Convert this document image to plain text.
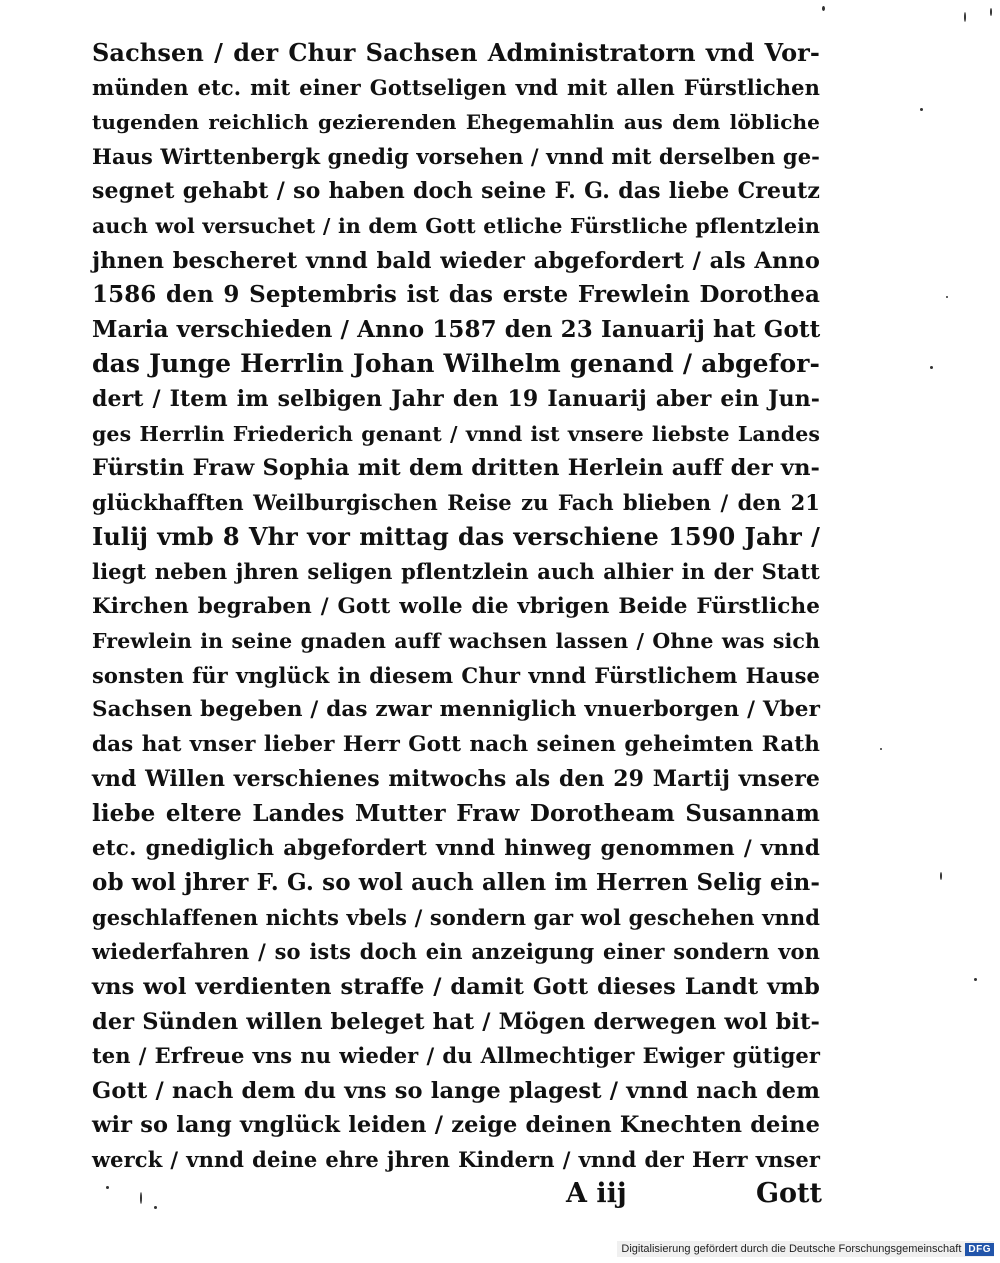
Sachsen / der Chur Sachsen Administratorn vnd Vor-
münden etc. mit einer Gottseligen vnd mit allen Fürstlichen
tugenden reichlich gezierenden Ehegemahlin aus dem löbliche
Haus Wirttenbergk gnedig vorsehen / vnnd mit derselben ge-
segnet gehabt / so haben doch seine F. G. das liebe Creutz
auch wol versuchet / in dem Gott etliche Fürstliche pflentzlein
jhnen bescheret vnnd bald wieder abgefordert / als Anno
1586 den 9 Septembris ist das erste Frewlein Dorothea
Maria verschieden / Anno 1587 den 23 Ianuarij hat Gott
das Junge Herrlin Johan Wilhelm genand / abgefor-
dert / Item im selbigen Jahr den 19 Ianuarij aber ein Jun-
ges Herrlin Friederich genant / vnnd ist vnsere liebste Landes
Fürstin Fraw Sophia mit dem dritten Herlein auff der vn-
glückhafften Weilburgischen Reise zu Fach blieben / den 21
Iulij vmb 8 Vhr vor mittag das verschiene 1590 Jahr /
liegt neben jhren seligen pflentzlein auch alhier in der Statt
Kirchen begraben / Gott wolle die vbrigen Beide Fürstliche
Frewlein in seine gnaden auff wachsen lassen / Ohne was sich
sonsten für vnglück in diesem Chur vnnd Fürstlichem Hause
Sachsen begeben / das zwar menniglich vnuerborgen / Vber
das hat vnser lieber Herr Gott nach seinen geheimten Rath
vnd Willen verschienes mitwochs als den 29 Martij vnsere
liebe eltere Landes Mutter Fraw Dorotheam Susannam
etc. gnediglich abgefordert vnnd hinweg genommen / vnnd
ob wol jhrer F. G. so wol auch allen im Herren Selig ein-
geschlaffenen nichts vbels / sondern gar wol geschehen vnnd
wiederfahren / so ists doch ein anzeigung einer sondern von
vns wol verdienten straffe / damit Gott dieses Landt vmb
der Sünden willen beleget hat / Mögen derwegen wol bit-
ten / Erfreue vns nu wieder / du Allmechtiger Ewiger gütiger
Gott / nach dem du vns so lange plagest / vnnd nach dem
wir so lang vnglück leiden / zeige deinen Knechten deine
werck / vnnd deine ehre jhren Kindern / vnnd der Herr vnser
A iij	Gott
Digitalisierung gefördert durch die Deutsche Forschungsgemeinschaft DFG
